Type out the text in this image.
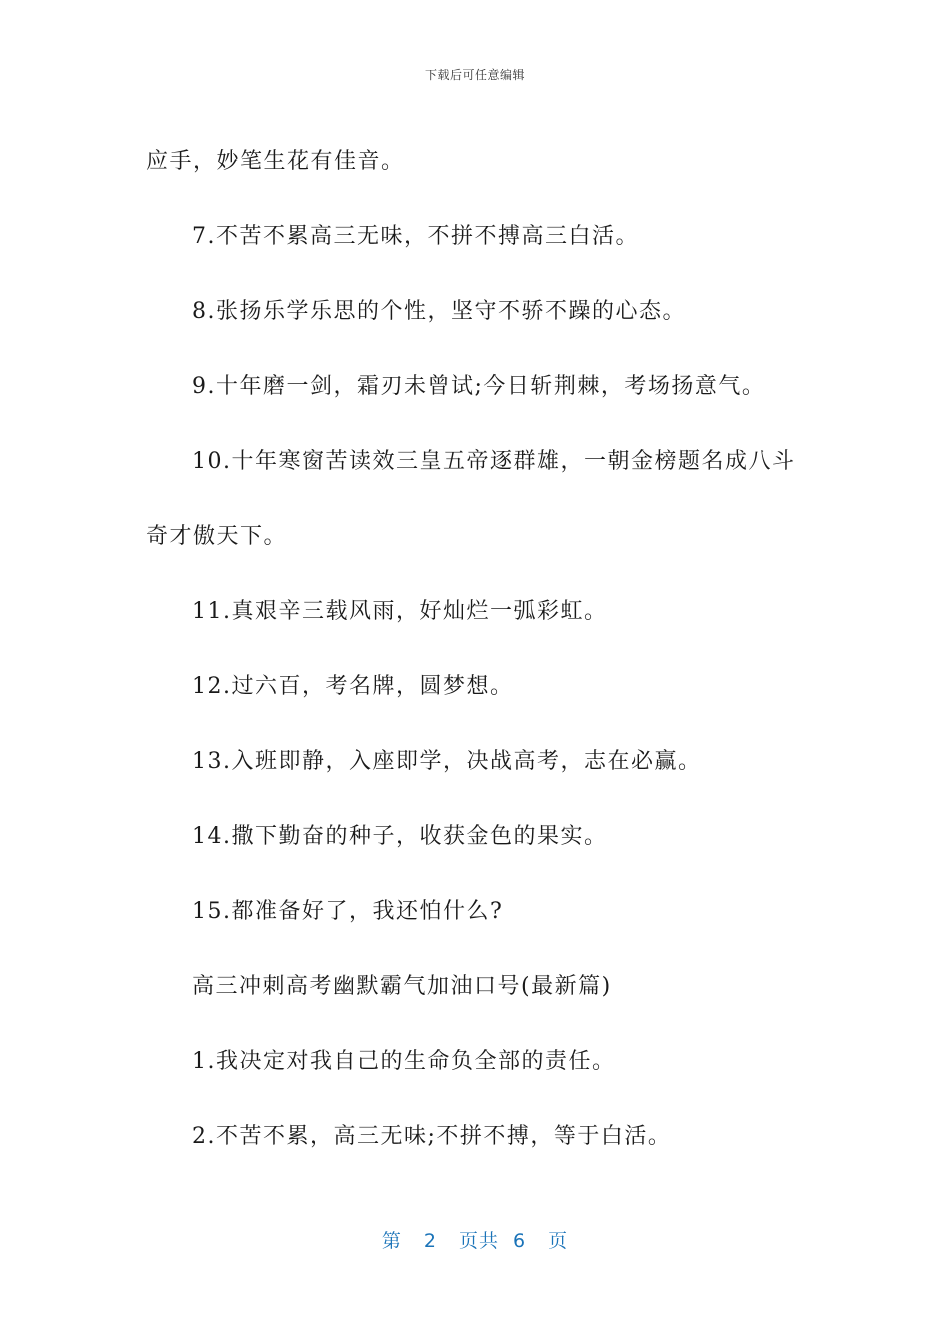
下载后可任意编辑

应手，妙笔生花有佳音。

7.不苦不累高三无味，不拼不搏高三白活。

8.张扬乐学乐思的个性，坚守不骄不躁的心态。

9.十年磨一剑，霜刃未曾试;今日斩荆棘，考场扬意气。

10.十年寒窗苦读效三皇五帝逐群雄，一朝金榜题名成八斗

奇才傲天下。

11.真艰辛三载风雨，好灿烂一弧彩虹。

12.过六百，考名牌，圆梦想。

13.入班即静，入座即学，决战高考，志在必赢。

14.撒下勤奋的种子，收获金色的果实。

15.都准备好了，我还怕什么?

高三冲刺高考幽默霸气加油口号(最新篇)

1.我决定对我自己的生命负全部的责任。

2.不苦不累，高三无味;不拼不搏，等于白活。

第 2 页共 6 页
